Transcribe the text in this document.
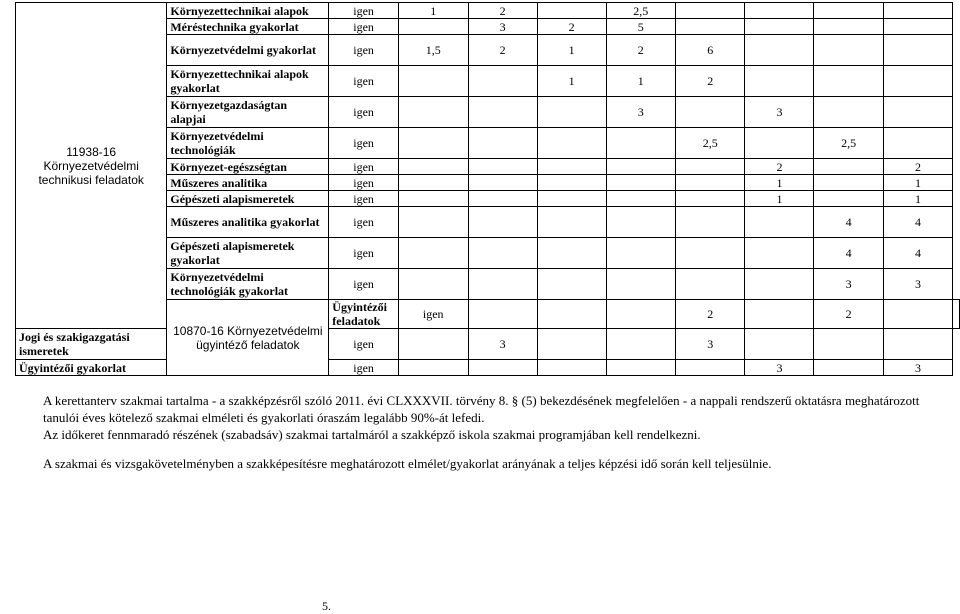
11938-16 Környezetvédelmi technikusi feladatok	Környezettechnikai alapok	igen	1	2		2,5					
	Méréstechnika gyakorlat	igen		3	2	5					
	Környezetvédelmi gyakorlat	igen	1,5	2	1	2	6				
	Környezettechnikai alapok gyakorlat	igen			1	1	2				
	Környezetgazdaságtan alapjai	igen				3		3			
	Környezetvédelmi technológiák	igen					2,5		2,5		
	Környezet-egészségtan	igen						2		2	
	Műszeres analitika	igen						1		1	
	Gépészeti alapismeretek	igen						1		1	
	Műszeres analitika gyakorlat	igen							4	4	
	Gépészeti alapismeretek gyakorlat	igen							4	4	
	Környezetvédelmi technológiák gyakorlat	igen							3	3	
	10870-16 Környezetvédelmi ügyintéző feladatok	Ügyintézői feladatok	igen				2		2		
Jogi és szakigazgatási ismeretek		igen		3			3				
Ügyintézői gyakorlat		igen						3		3	

A kerettanterv szakmai tartalma - a szakképzésről szóló 2011. évi CLXXXVII. törvény 8. § (5) bekezdésének megfelelően - a nappali rendszerű oktatásra meghatározott tanulói éves kötelező szakmai elméleti és gyakorlati óraszám legalább 90%-át lefedi.

Az időkeret fennmaradó részének (szabadsáv) szakmai tartalmáról a szakképző iskola szakmai programjában kell rendelkezni.

A szakmai és vizsgakövetelményben a szakképesítésre meghatározott elmélet/gyakorlat arányának a teljes képzési idő során kell teljesülnie.

5.
